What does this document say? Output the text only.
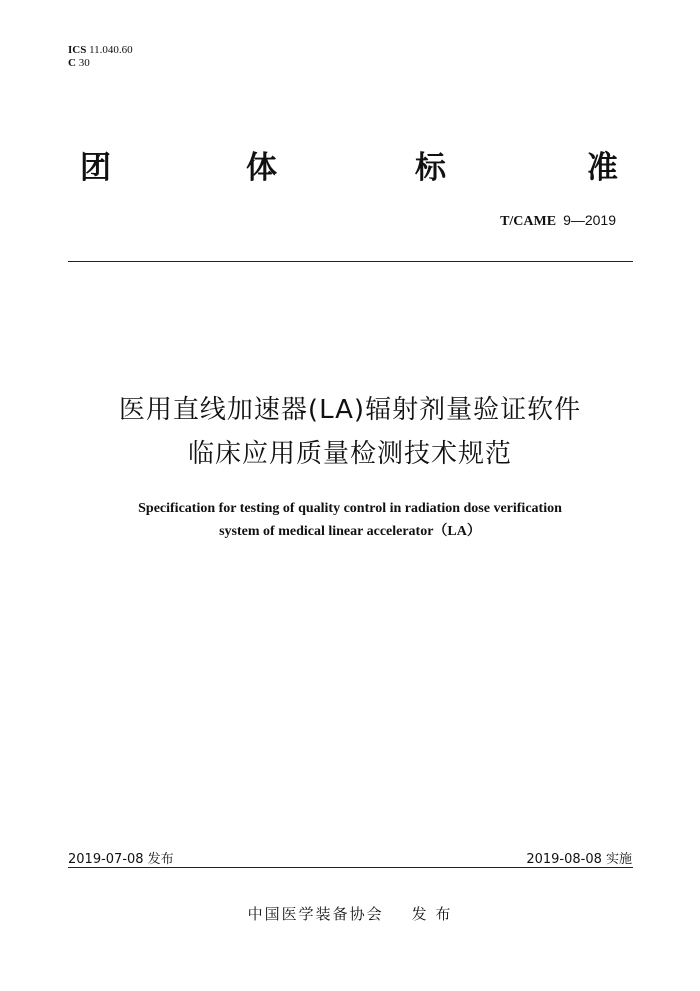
ICS 11.040.60
C 30
团	体	标	准
T/CAME 9—2019
医用直线加速器(LA)辐射剂量验证软件
临床应用质量检测技术规范
Specification for testing of quality control in radiation dose verification
system of medical linear accelerator（LA）
2019-07-08 发布	2019-08-08 实施
中国医学装备协会 发 布
